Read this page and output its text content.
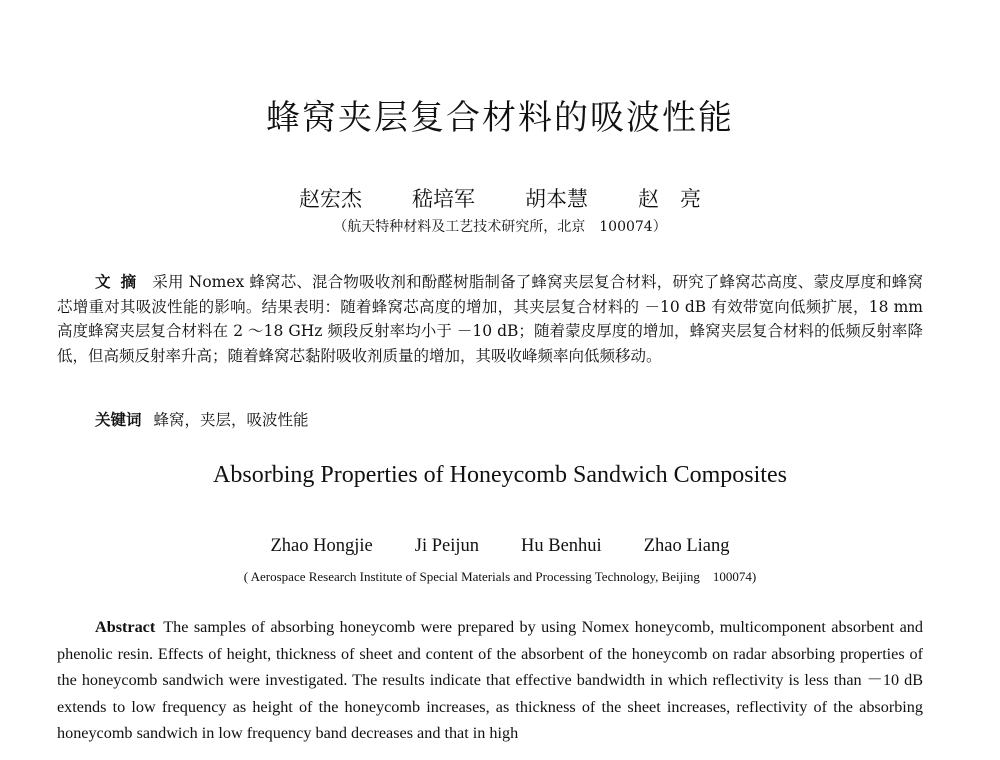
蜂窝夹层复合材料的吸波性能
赵宏杰 嵇培军 胡本慧 赵　亮
（航天特种材料及工艺技术研究所，北京　100074）
文摘 采用 Nomex 蜂窝芯、混合物吸收剂和酚醛树脂制备了蜂窝夹层复合材料，研究了蜂窝芯高度、蒙皮厚度和蜂窝芯增重对其吸波性能的影响。结果表明：随着蜂窝芯高度的增加，其夹层复合材料的 －10 dB 有效带宽向低频扩展，18 mm 高度蜂窝夹层复合材料在 2 ～18 GHz 频段反射率均小于 －10 dB；随着蒙皮厚度的增加，蜂窝夹层复合材料的低频反射率降低，但高频反射率升高；随着蜂窝芯黏附吸收剂质量的增加，其吸收峰频率向低频移动。
关键词 蜂窝，夹层，吸波性能
Absorbing Properties of Honeycomb Sandwich Composites
Zhao Hongjie Ji Peijun Hu Benhui Zhao Liang
( Aerospace Research Institute of Special Materials and Processing Technology, Beijing　100074)
Abstract The samples of absorbing honeycomb were prepared by using Nomex honeycomb, multicomponent absorbent and phenolic resin. Effects of height, thickness of sheet and content of the absorbent of the honeycomb on radar absorbing properties of the honeycomb sandwich were investigated. The results indicate that effective bandwidth in which reflectivity is less than －10 dB extends to low frequency as height of the honeycomb increases, as thickness of the sheet increases, reflectivity of the absorbing honeycomb sandwich in low frequency band decreases and that in high
